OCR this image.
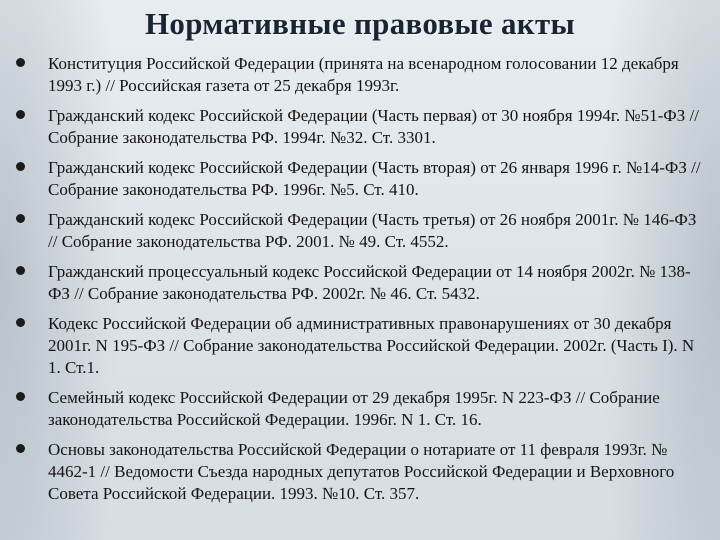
Нормативные правовые акты
Конституция Российской Федерации (принята на всенародном голосовании 12 декабря 1993 г.) // Российская газета от 25 декабря 1993г.
Гражданский кодекс Российской Федерации (Часть первая) от 30 ноября 1994г. №51-ФЗ // Собрание законодательства РФ. 1994г. №32. Ст. 3301.
Гражданский кодекс Российской Федерации (Часть вторая) от 26 января 1996 г. №14-ФЗ // Собрание законодательства РФ. 1996г. №5. Ст. 410.
Гражданский кодекс Российской Федерации (Часть третья) от 26 ноября 2001г. № 146-ФЗ // Собрание законодательства РФ. 2001. № 49. Ст. 4552.
Гражданский процессуальный кодекс Российской Федерации от 14 ноября 2002г. № 138-ФЗ // Собрание законодательства РФ. 2002г. № 46. Ст. 5432.
Кодекс Российской Федерации об административных правонарушениях от 30 декабря 2001г. N 195-ФЗ // Собрание законодательства Российской Федерации. 2002г. (Часть I). N 1. Ст.1.
Семейный кодекс Российской Федерации от 29 декабря 1995г. N 223-ФЗ // Собрание законодательства Российской Федерации. 1996г. N 1. Ст. 16.
Основы законодательства Российской Федерации о нотариате от 11 февраля 1993г. № 4462-1 // Ведомости Съезда народных депутатов Российской Федерации и Верховного Совета Российской Федерации. 1993. №10. Ст. 357.
